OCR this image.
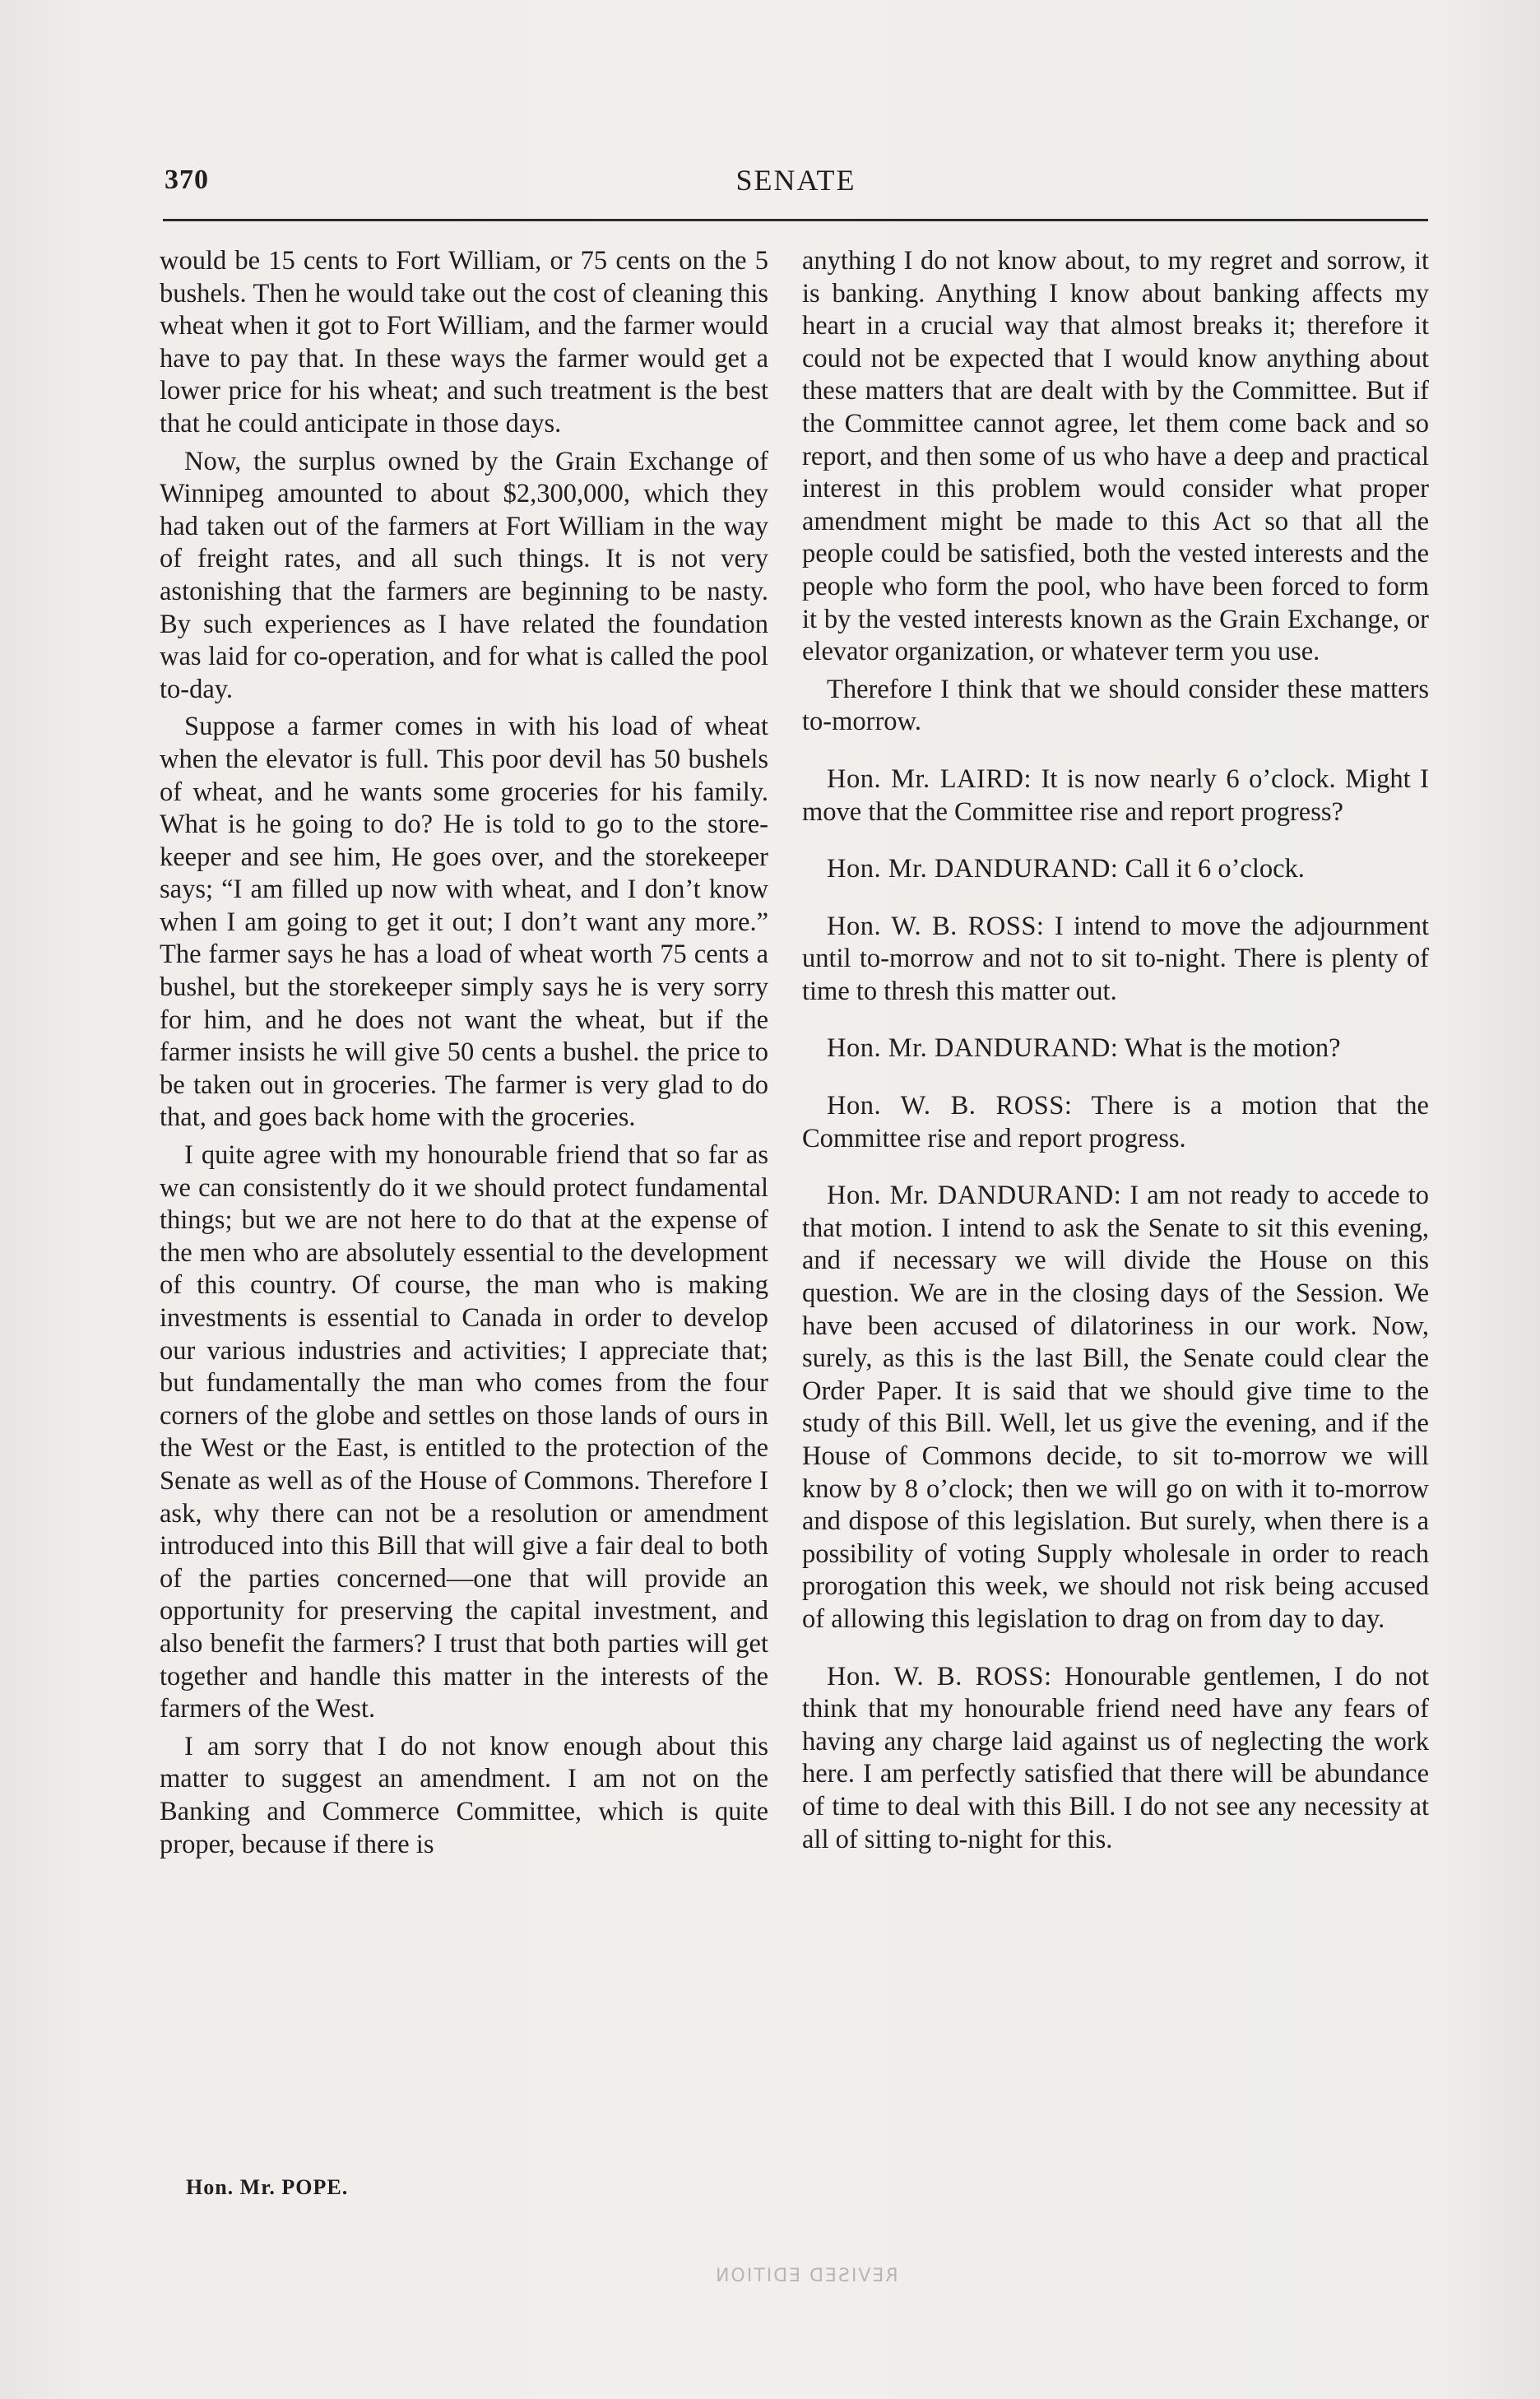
370	SENATE

would be 15 cents to Fort William, or 75 cents on the 5 bushels. Then he would take out the cost of cleaning this wheat when it got to Fort William, and the farmer would have to pay that. In these ways the farmer would get a lower price for his wheat; and such treatment is the best that he could anticipate in those days.

Now, the surplus owned by the Grain Exchange of Winnipeg amounted to about $2,300,000, which they had taken out of the farmers at Fort William in the way of freight rates, and all such things. It is not very astonishing that the farmers are beginning to be nasty. By such experiences as I have related the foundation was laid for co-operation, and for what is called the pool to-day.

Suppose a farmer comes in with his load of wheat when the elevator is full. This poor devil has 50 bushels of wheat, and he wants some groceries for his family. What is he going to do? He is told to go to the storekeeper and see him, He goes over, and the storekeeper says; “I am filled up now with wheat, and I don’t know when I am going to get it out; I don’t want any more.” The farmer says he has a load of wheat worth 75 cents a bushel, but the storekeeper simply says he is very sorry for him, and he does not want the wheat, but if the farmer insists he will give 50 cents a bushel. the price to be taken out in groceries. The farmer is very glad to do that, and goes back home with the groceries.

I quite agree with my honourable friend that so far as we can consistently do it we should protect fundamental things; but we are not here to do that at the expense of the men who are absolutely essential to the development of this country. Of course, the man who is making investments is essential to Canada in order to develop our various industries and activities; I appreciate that; but fundamentally the man who comes from the four corners of the globe and settles on those lands of ours in the West or the East, is entitled to the protection of the Senate as well as of the House of Commons. Therefore I ask, why there can not be a resolution or amendment introduced into this Bill that will give a fair deal to both of the parties concerned—one that will provide an opportunity for preserving the capital investment, and also benefit the farmers? I trust that both parties will get together and handle this matter in the interests of the farmers of the West.

I am sorry that I do not know enough about this matter to suggest an amendment. I am not on the Banking and Commerce Committee, which is quite proper, because if there is

anything I do not know about, to my regret and sorrow, it is banking. Anything I know about banking affects my heart in a crucial way that almost breaks it; therefore it could not be expected that I would know anything about these matters that are dealt with by the Committee. But if the Committee cannot agree, let them come back and so report, and then some of us who have a deep and practical interest in this problem would consider what proper amendment might be made to this Act so that all the people could be satisfied, both the vested interests and the people who form the pool, who have been forced to form it by the vested interests known as the Grain Exchange, or elevator organization, or whatever term you use.

Therefore I think that we should consider these matters to-morrow.

Hon. Mr. LAIRD: It is now nearly 6 o’clock. Might I move that the Committee rise and report progress?

Hon. Mr. DANDURAND: Call it 6 o’clock.

Hon. W. B. ROSS: I intend to move the adjournment until to-morrow and not to sit to-night. There is plenty of time to thresh this matter out.

Hon. Mr. DANDURAND: What is the motion?

Hon. W. B. ROSS: There is a motion that the Committee rise and report progress.

Hon. Mr. DANDURAND: I am not ready to accede to that motion. I intend to ask the Senate to sit this evening, and if necessary we will divide the House on this question. We are in the closing days of the Session. We have been accused of dilatoriness in our work. Now, surely, as this is the last Bill, the Senate could clear the Order Paper. It is said that we should give time to the study of this Bill. Well, let us give the evening, and if the House of Commons decide, to sit to-morrow we will know by 8 o’clock; then we will go on with it to-morrow and dispose of this legislation. But surely, when there is a possibility of voting Supply wholesale in order to reach prorogation this week, we should not risk being accused of allowing this legislation to drag on from day to day.

Hon. W. B. ROSS: Honourable gentlemen, I do not think that my honourable friend need have any fears of having any charge laid against us of neglecting the work here. I am perfectly satisfied that there will be abundance of time to deal with this Bill. I do not see any necessity at all of sitting to-night for this.

Hon. Mr. POPE.
REVISED EDITION
